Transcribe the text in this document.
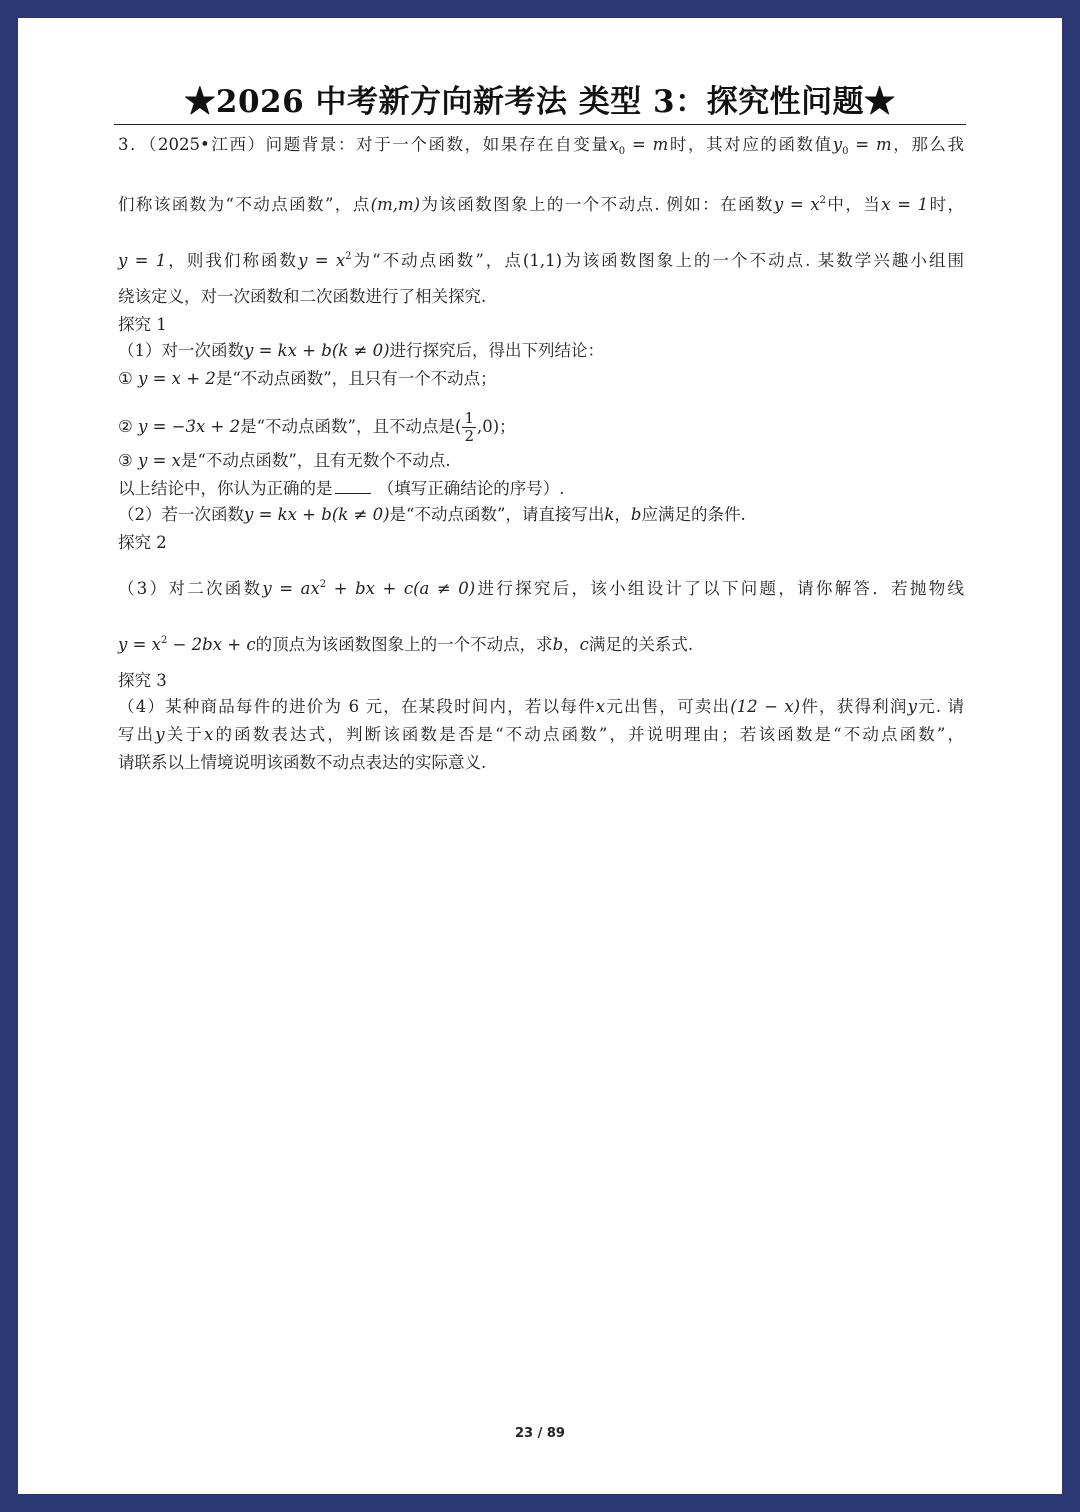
★2026 中考新方向新考法 类型 3：探究性问题★
3．（2025•江西）问题背景：对于一个函数，如果存在自变量$x_0 = m$时，其对应的函数值$y_0 = m$，那么我
们称该函数为“不动点函数”，点(m,m)为该函数图象上的一个不动点. 例如：在函数$y = x^2$中，当x = 1时，
y = 1，则我们称函数$y = x^2$为“不动点函数”，点(1,1)为该函数图象上的一个不动点. 某数学兴趣小组围
绕该定义，对一次函数和二次函数进行了相关探究.
探究 1
（1）对一次函数y = kx + b(k ≠ 0)进行探究后，得出下列结论：
① y = x + 2是“不动点函数”，且只有一个不动点；
② y = −3x + 2是“不动点函数”，且不动点是( $\frac{1}{2} ,0$)；
③ y = x是“不动点函数”，且有无数个不动点.
以上结论中，你认为正确的是	（填写正确结论的序号）.
（2）若一次函数y = kx + b(k ≠ 0)是“不动点函数”，请直接写出k，b应满足的条件.
探究 2
（3）对二次函数$y = ax^2$ + bx + c(a ≠ 0)进行探究后，该小组设计了以下问题，请你解答．若抛物线
$y = x^2 - 2bx + c$的顶点为该函数图象上的一个不动点，求b，c满足的关系式.
探究 3
（4）某种商品每件的进价为 6 元，在某段时间内，若以每件x元出售，可卖出(12 − x)件，获得利润y元. 请
写出y关于x的函数表达式，判断该函数是否是“不动点函数”，并说明理由；若该函数是“不动点函数”，
请联系以上情境说明该函数不动点表达的实际意义.
23 / 89
